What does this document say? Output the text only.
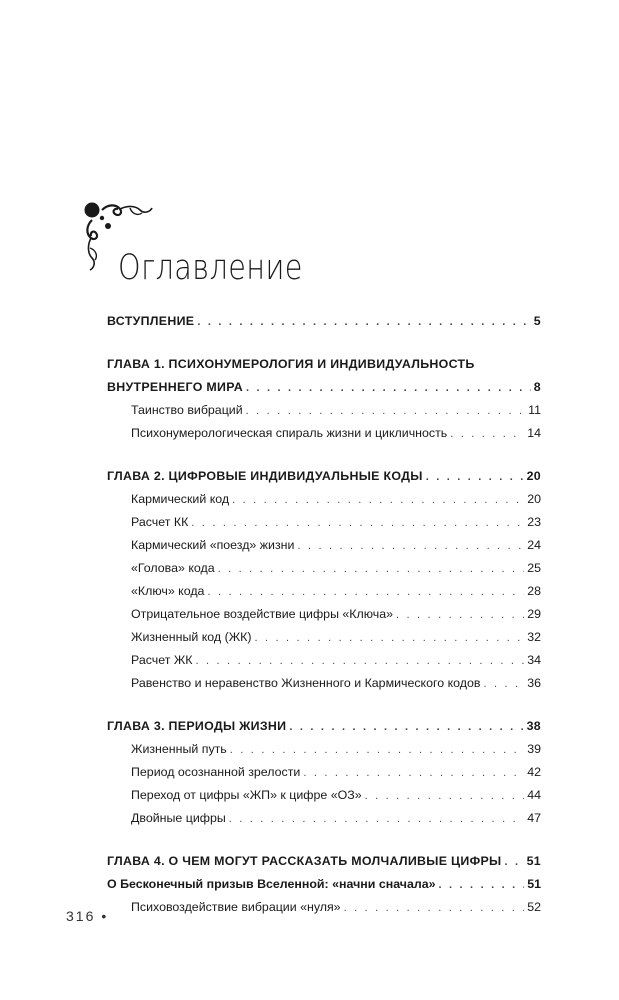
Оглавление
ВСТУПЛЕНИЕ . . .	5
ГЛАВА 1. ПСИХОНУМЕРОЛОГИЯ И ИНДИВИДУАЛЬНОСТЬ
ВНУТРЕННЕГО МИРА . . .	8
Таинство вибраций . . .	11
Психонумерологическая спираль жизни и цикличность . . .	14
ГЛАВА 2. ЦИФРОВЫЕ ИНДИВИДУАЛЬНЫЕ КОДЫ . . .	20
Кармический код . . .	20
Расчет КК . . .	23
Кармический «поезд» жизни . . .	24
«Голова» кода . . .	25
«Ключ» кода . . .	28
Отрицательное воздействие цифры «Ключа» . . .	29
Жизненный код (ЖК) . . .	32
Расчет ЖК . . .	34
Равенство и неравенство Жизненного и Кармического кодов . . .	36
ГЛАВА 3. ПЕРИОДЫ ЖИЗНИ . . .	38
Жизненный путь . . .	39
Период осознанной зрелости . . .	42
Переход от цифры «ЖП» к цифре «ОЗ» . . .	44
Двойные цифры . . .	47
ГЛАВА 4. О ЧЕМ МОГУТ РАССКАЗАТЬ МОЛЧАЛИВЫЕ ЦИФРЫ . . . 51
О Бесконечный призыв Вселенной: «начни сначала» . . .	51
Психовоздействие вибрации «нуля» . . .	52
316 •
